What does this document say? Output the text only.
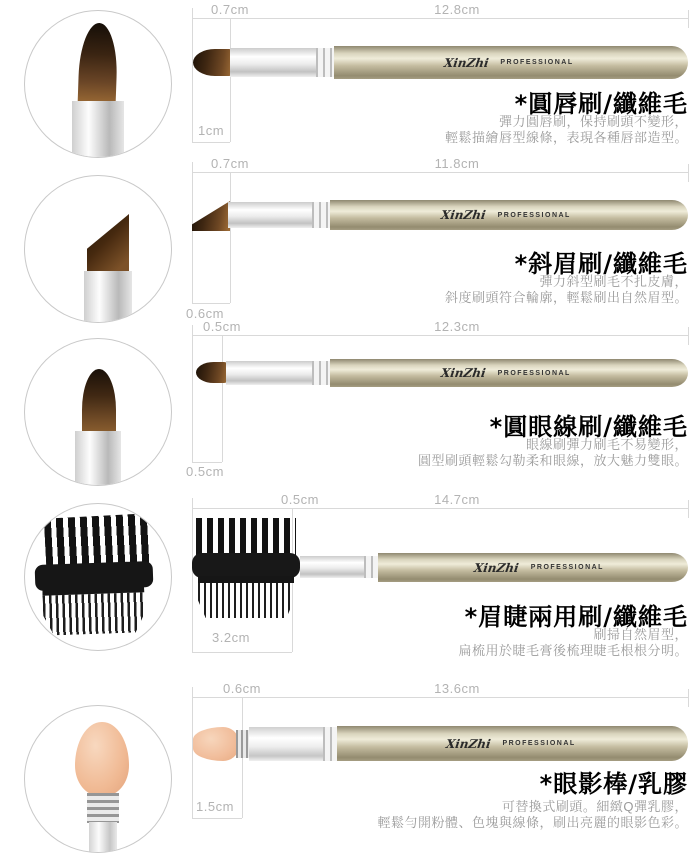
0.7cm	12.8cm
1cm
XinZhi PROFESSIONAL
*圓唇刷/纖維毛

彈力圓唇刷，保持刷頭不變形，
輕鬆描繪唇型線條，表現各種唇部造型。

0.7cm	11.8cm
0.6cm
XinZhi PROFESSIONAL
*斜眉刷/纖維毛

彈力斜型刷毛不扎皮膚，
斜度刷頭符合輪廓，輕鬆刷出自然眉型。

0.5cm	12.3cm
0.5cm
XinZhi PROFESSIONAL
*圓眼線刷/纖維毛

眼線刷彈力刷毛不易變形，
圓型刷頭輕鬆勾勒柔和眼線，放大魅力雙眼。

0.5cm	14.7cm
3.2cm
XinZhi PROFESSIONAL
*眉睫兩用刷/纖維毛

刷掃自然眉型，
扁梳用於睫毛膏後梳理睫毛根根分明。

0.6cm	13.6cm
1.5cm
XinZhi PROFESSIONAL
*眼影棒/乳膠

可替換式刷頭。細緻Q彈乳膠，
輕鬆勻開粉體、色塊與線條，刷出亮麗的眼影色彩。
